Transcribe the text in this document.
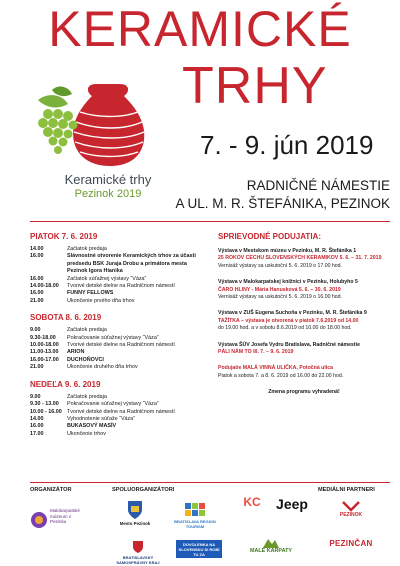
KERAMICKÉ
TRHY
7. - 9. jún 2019
RADNIČNÉ NÁMESTIE
A UL. M. R. ŠTEFÁNIKA, PEZINOK
Keramické trhy
Pezinok 2019
PIATOK 7. 6. 2019
14.00	Začiatok predaja
16.00	Slávnostné otvorenie Keramických trhov za účasti predsedu BSK Juraja Drobu a primátora mesta Pezinok Igora Hianika
16.00	Začiatok súťažnej výstavy “Váza”
14.00-18.00	Tvorivé detské dielne na Radničnom námestí
16.00	FUNNY FELLOWS
21.00	Ukončenie prvého dňa trhov
SOBOTA 8. 6. 2019
9.00	Začiatok predaja
9.30-18.00	Pokračovanie súťažnej výstavy “Váza”
10.00-18.00	Tvorivé detské dielne na Radničnom námestí
11.00-13.00	ARION
16.00-17.00	DUCHOŇOVCI
21.00	Ukončenie druhého dňa trhov
NEDEĽA 9. 6. 2019
9.00	Začiatok predaja
9.30 - 13.00	Pokračovanie súťažnej výstavy “Váza”
10.00 - 16.00 Tvorivé detské dielne na Radničnom námestí
14.00	Vyhodnotenie súťaže “Váza”
16.00	BUKASOVÝ MASÍV
17.00	Ukončenie trhov
SPRIEVODNÉ PODUJATIA:
Výstava v Mestskom múzeu v Pezinku, M. R. Štefánika 1
25 ROKOV CECHU SLOVENSKÝCH KERAMIKOV 5. 6. – 31. 7. 2019
Vernisáž výstavy sa uskutoční 5. 6. 2019 o 17.00 hod.
Výstava v Malokarpatskej knižnici v Pezinku, Holubyho 5
ČARO HLINY - Mária Hanusková 5. 6. – 30. 6. 2019
Vernisáž výstavy sa uskutoční 5. 6. 2019 o 16.00 hod.
Výstava v ZUŠ Eugena Suchoňa v Pezinku, M. R. Štefánika 9
TAŽÍTKA – výstava je otvorená v piatok 7.6.2019 od 14.00
do 19.00 hod. a v sobotu 8.6.2019 od 10.00 do 18.00 hod.
Výstava ŠÚV Josefa Vydru Bratislava, Radničné námestie
PÁLI NÁM TO III. 7. – 9. 6. 2019
Podujatie MALÁ VINNÁ ULIČKA, Potočná ulica
Piatok a sobota 7. a 8. 6. 2019 od 16.00 do 22.00 hod.
Zmena programu vyhradená!
ORGANIZÁTOR	SPOLUORGANIZÁTORI	MEDIÁLNI PARTNERI
Malokarpatské múzeum v Pezinku	Mesto Pezinok	BRATISLAVA REGION TOURISM
BRATISLAVSKÝ SAMOSPRÁVNY KRAJ
DOVOLENKA NA SLOVENSKU SI ROBÍ TU ZA
KC Jeep
PEZINOK
MALÉ KARPATY
PEZINČAN
